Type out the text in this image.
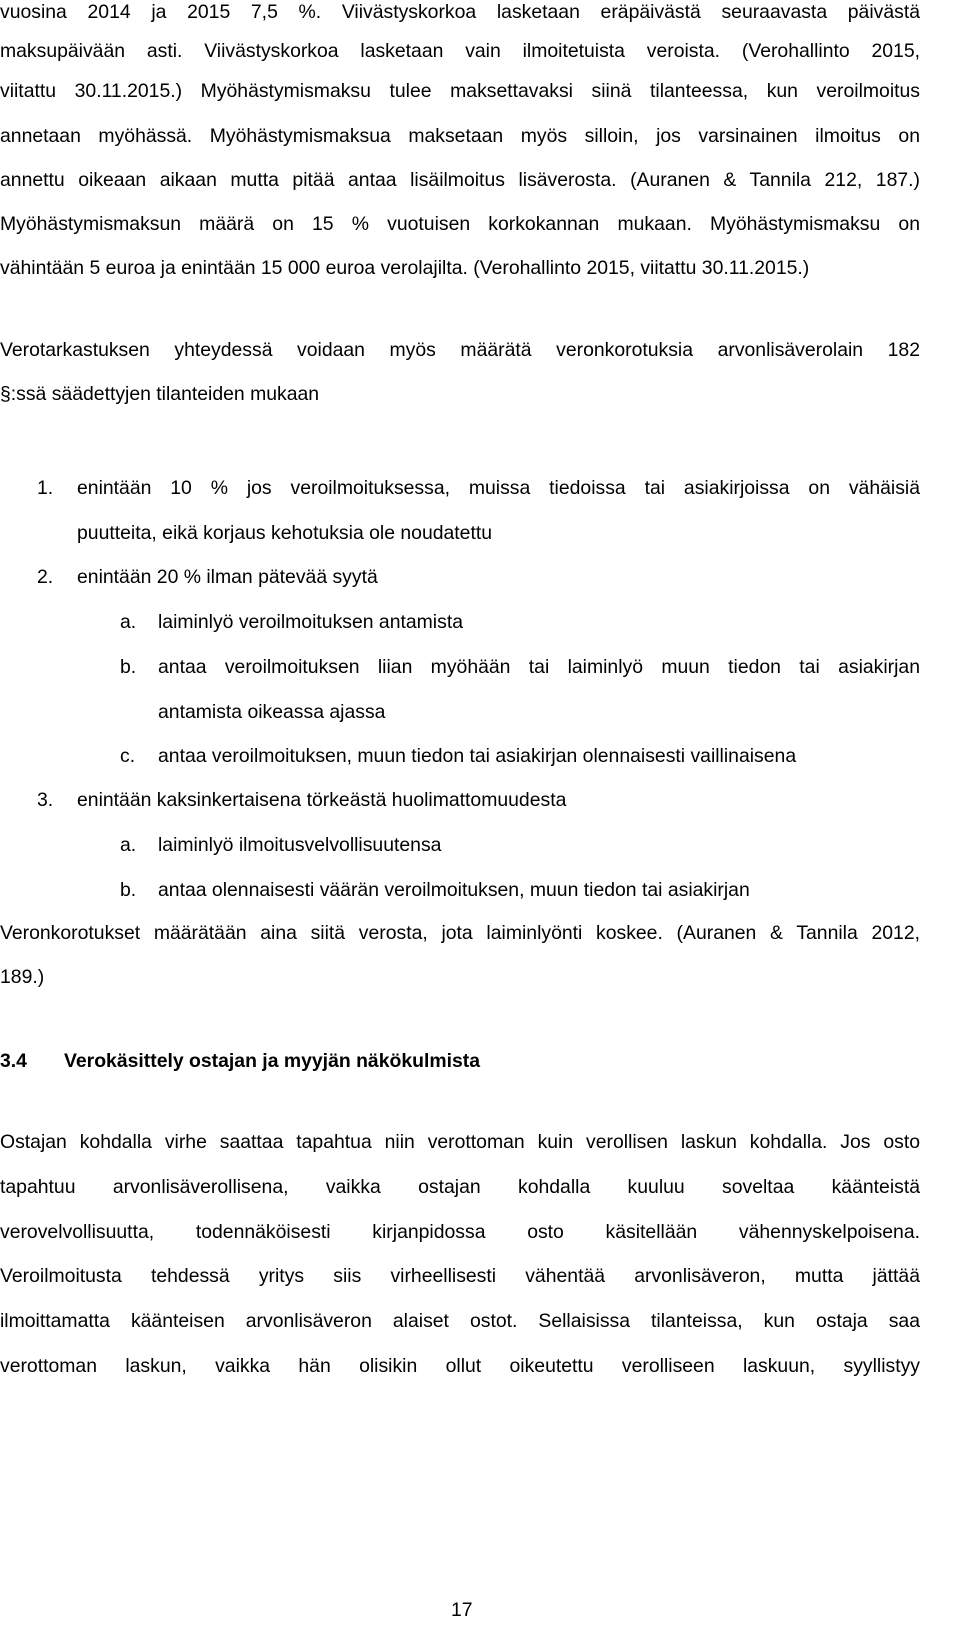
vuosina 2014 ja 2015 7,5 %. Viivästyskorkoa lasketaan eräpäivästä seuraavasta päivästä
maksupäivään asti. Viivästyskorkoa lasketaan vain ilmoitetuista veroista. (Verohallinto 2015,
viitattu 30.11.2015.) Myöhästymismaksu tulee maksettavaksi siinä tilanteessa, kun veroilmoitus
annetaan myöhässä. Myöhästymismaksua maksetaan myös silloin, jos varsinainen ilmoitus on
annettu oikeaan aikaan mutta pitää antaa lisäilmoitus lisäverosta. (Auranen & Tannila 212, 187.)
Myöhästymismaksun määrä on 15 % vuotuisen korkokannan mukaan. Myöhästymismaksu on
vähintään 5 euroa ja enintään 15 000 euroa verolajilta. (Verohallinto 2015, viitattu 30.11.2015.)
Verotarkastuksen yhteydessä voidaan myös määrätä veronkorotuksia arvonlisäverolain 182
§:ssä säädettyjen tilanteiden mukaan
1. enintään 10 % jos veroilmoituksessa, muissa tiedoissa tai asiakirjoissa on vähäisiä
puutteita, eikä korjaus kehotuksia ole noudatettu
2. enintään 20 % ilman pätevää syytä
a. laiminlyö veroilmoituksen antamista
b. antaa veroilmoituksen liian myöhään tai laiminlyö muun tiedon tai asiakirjan
antamista oikeassa ajassa
c. antaa veroilmoituksen, muun tiedon tai asiakirjan olennaisesti vaillinaisena
3. enintään kaksinkertaisena törkeästä huolimattomuudesta
a. laiminlyö ilmoitusvelvollisuutensa
b. antaa olennaisesti väärän veroilmoituksen, muun tiedon tai asiakirjan
Veronkorotukset määrätään aina siitä verosta, jota laiminlyönti koskee. (Auranen & Tannila 2012,
189.)
3.4 Verokäsittely ostajan ja myyjän näkökulmista
Ostajan kohdalla virhe saattaa tapahtua niin verottoman kuin verollisen laskun kohdalla. Jos osto
tapahtuu arvonlisäverollisena, vaikka ostajan kohdalla kuuluu soveltaa käänteistä
verovelvollisuutta, todennäköisesti kirjanpidossa osto käsitellään vähennyskelpoisena.
Veroilmoitusta tehdessä yritys siis virheellisesti vähentää arvonlisäveron, mutta jättää
ilmoittamatta käänteisen arvonlisäveron alaiset ostot. Sellaisissa tilanteissa, kun ostaja saa
verottoman laskun, vaikka hän olisikin ollut oikeutettu verolliseen laskuun, syyllistyy
17
